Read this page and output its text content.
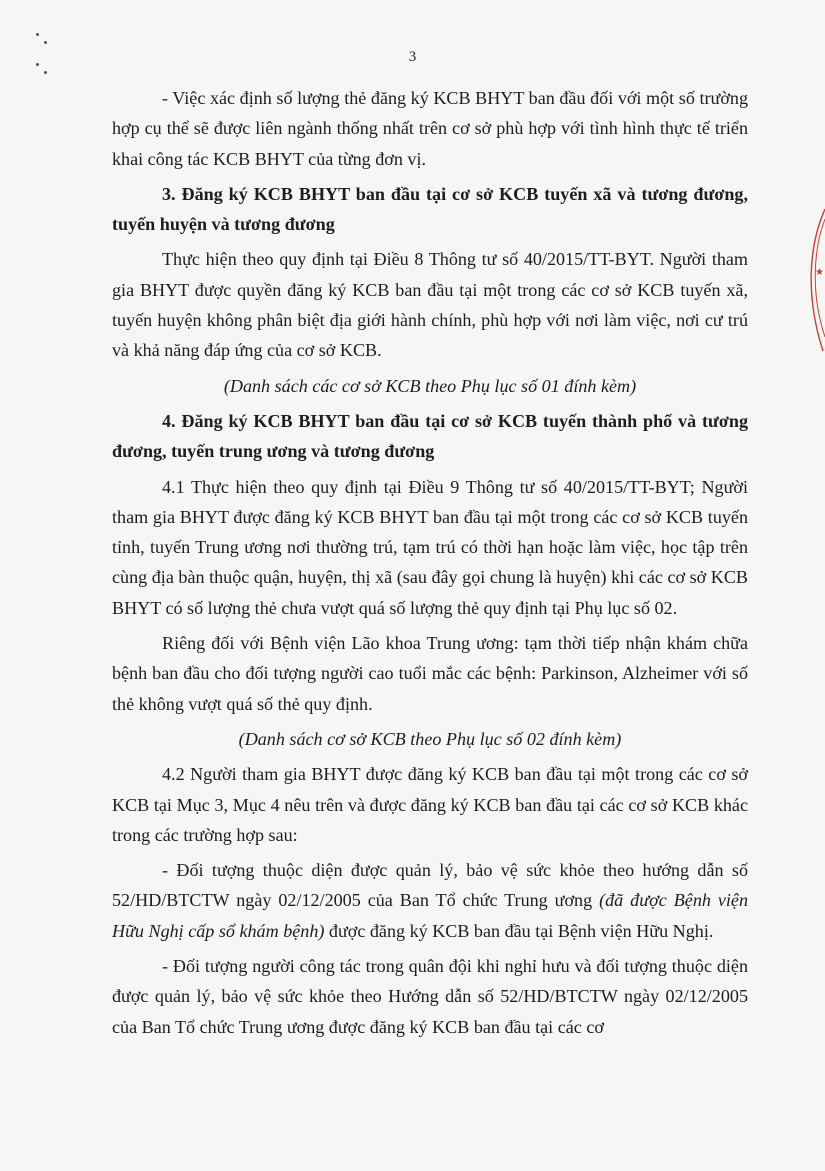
3
★

- Việc xác định số lượng thẻ đăng ký KCB BHYT ban đầu đối với một số trường hợp cụ thể sẽ được liên ngành thống nhất trên cơ sở phù hợp với tình hình thực tế triển khai công tác KCB BHYT của từng đơn vị.

3. Đăng ký KCB BHYT ban đầu tại cơ sở KCB tuyến xã và tương đương, tuyến huyện và tương đương

Thực hiện theo quy định tại Điều 8 Thông tư số 40/2015/TT-BYT. Người tham gia BHYT được quyền đăng ký KCB ban đầu tại một trong các cơ sở KCB tuyến xã, tuyến huyện không phân biệt địa giới hành chính, phù hợp với nơi làm việc, nơi cư trú và khả năng đáp ứng của cơ sở KCB.

(Danh sách các cơ sở KCB theo Phụ lục số 01 đính kèm)

4. Đăng ký KCB BHYT ban đầu tại cơ sở KCB tuyến thành phố và tương đương, tuyến trung ương và tương đương

4.1 Thực hiện theo quy định tại Điều 9 Thông tư số 40/2015/TT-BYT; Người tham gia BHYT được đăng ký KCB BHYT ban đầu tại một trong các cơ sở KCB tuyến tỉnh, tuyến Trung ương nơi thường trú, tạm trú có thời hạn hoặc làm việc, học tập trên cùng địa bàn thuộc quận, huyện, thị xã (sau đây gọi chung là huyện) khi các cơ sở KCB BHYT có số lượng thẻ chưa vượt quá số lượng thẻ quy định tại Phụ lục số 02.

Riêng đối với Bệnh viện Lão khoa Trung ương: tạm thời tiếp nhận khám chữa bệnh ban đầu cho đối tượng người cao tuổi mắc các bệnh: Parkinson, Alzheimer với số thẻ không vượt quá số thẻ quy định.

(Danh sách cơ sở KCB theo Phụ lục số 02 đính kèm)

4.2 Người tham gia BHYT được đăng ký KCB ban đầu tại một trong các cơ sở KCB tại Mục 3, Mục 4 nêu trên và được đăng ký KCB ban đầu tại các cơ sở KCB khác trong các trường hợp sau:

- Đối tượng thuộc diện được quản lý, bảo vệ sức khỏe theo hướng dẫn số 52/HD/BTCTW ngày 02/12/2005 của Ban Tổ chức Trung ương (đã được Bệnh viện Hữu Nghị cấp sổ khám bệnh) được đăng ký KCB ban đầu tại Bệnh viện Hữu Nghị.

- Đối tượng người công tác trong quân đội khi nghỉ hưu và đối tượng thuộc diện được quản lý, bảo vệ sức khỏe theo Hướng dẫn số 52/HD/BTCTW ngày 02/12/2005 của Ban Tổ chức Trung ương được đăng ký KCB ban đầu tại các cơ
